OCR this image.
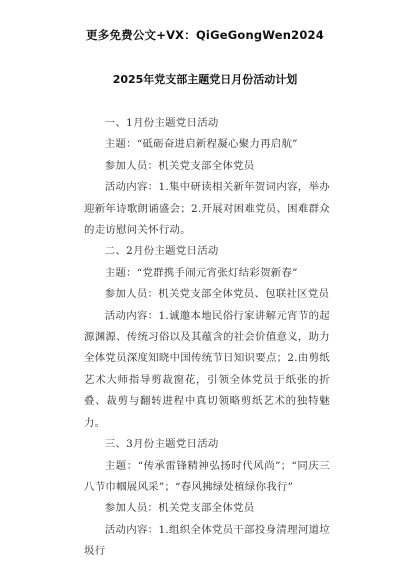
更多免费公文+VX：QiGeGongWen2024
2025年党支部主题党日月份活动计划

一、1月份主题党日活动

主题：“砥砺奋进启新程凝心聚力再启航”

参加人员：机关党支部全体党员

活动内容：1.集中研读相关新年贺词内容，举办迎新年诗歌朗诵盛会；2.开展对困难党员、困难群众的走访慰问关怀行动。

二、2月份主题党日活动

主题：“党群携手闹元宵张灯结彩贺新春”

参加人员：机关党支部全体党员、包联社区党员

活动内容：1.诚邀本地民俗行家讲解元宵节的起源渊源、传统习俗以及其蕴含的社会价值意义，助力全体党员深度知晓中国传统节日知识要点；2.由剪纸艺术大师指导剪裁窗花，引领全体党员于纸张的折叠、裁剪与翻转进程中真切领略剪纸艺术的独特魅力。

三、3月份主题党日活动

主题：“传承雷锋精神弘扬时代风尚”；“同庆三八节巾帼展风采”；“春风拂绿处植绿你我行”

参加人员：机关党支部全体党员

活动内容：1.组织全体党员干部投身清理河道垃圾行
